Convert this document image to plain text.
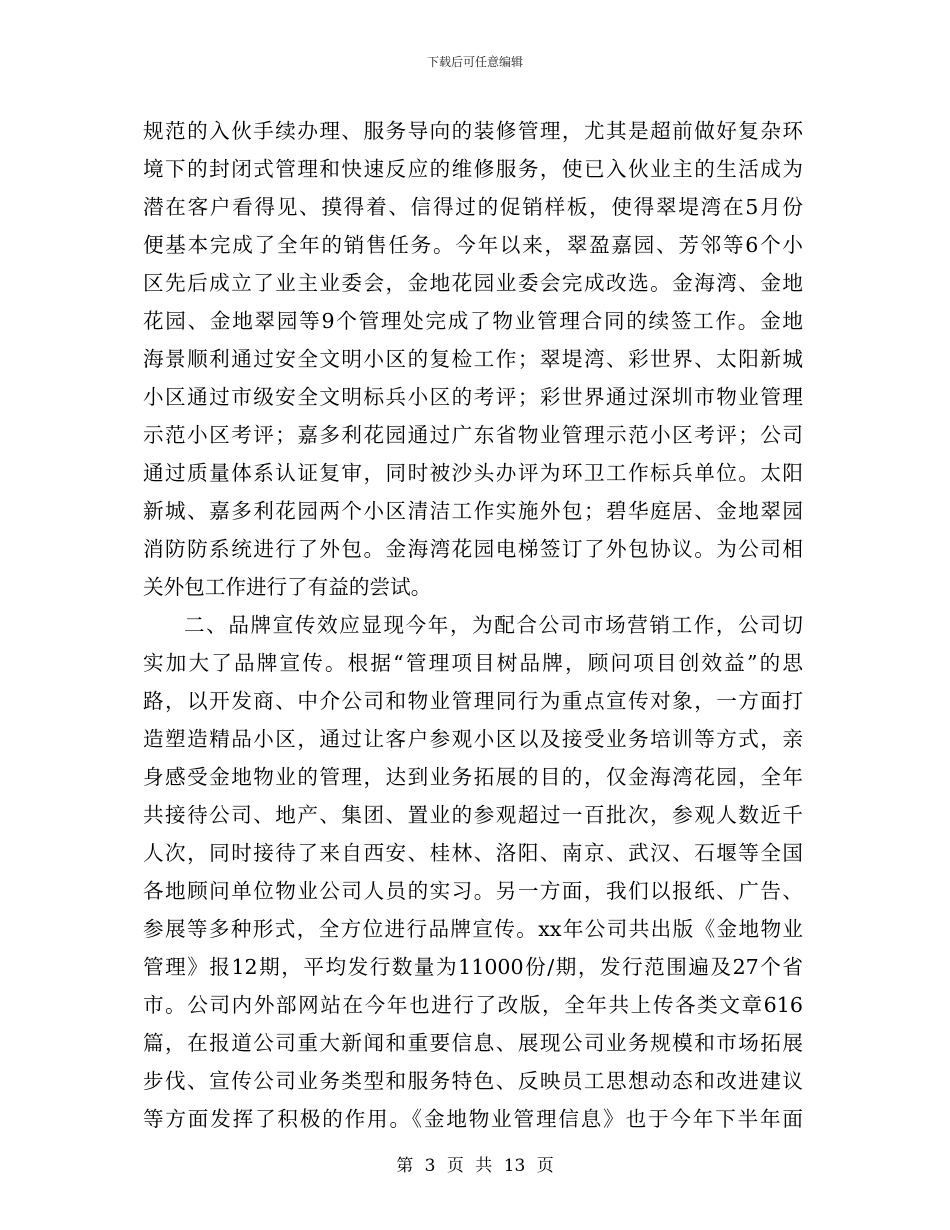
下载后可任意编辑
规范的入伙手续办理、服务导向的装修管理，尤其是超前做好复杂环
境下的封闭式管理和快速反应的维修服务，使已入伙业主的生活成为
潜在客户看得见、摸得着、信得过的促销样板，使得翠堤湾在5月份
便基本完成了全年的销售任务。今年以来，翠盈嘉园、芳邻等6个小
区先后成立了业主业委会，金地花园业委会完成改选。金海湾、金地
花园、金地翠园等9个管理处完成了物业管理合同的续签工作。金地
海景顺利通过安全文明小区的复检工作；翠堤湾、彩世界、太阳新城
小区通过市级安全文明标兵小区的考评；彩世界通过深圳市物业管理
示范小区考评；嘉多利花园通过广东省物业管理示范小区考评；公司
通过质量体系认证复审，同时被沙头办评为环卫工作标兵单位。太阳
新城、嘉多利花园两个小区清洁工作实施外包；碧华庭居、金地翠园
消防防系统进行了外包。金海湾花园电梯签订了外包协议。为公司相
关外包工作进行了有益的尝试。
二、品牌宣传效应显现今年，为配合公司市场营销工作，公司切
实加大了品牌宣传。根据“管理项目树品牌，顾问项目创效益”的思
路，以开发商、中介公司和物业管理同行为重点宣传对象，一方面打
造塑造精品小区，通过让客户参观小区以及接受业务培训等方式，亲
身感受金地物业的管理，达到业务拓展的目的，仅金海湾花园，全年
共接待公司、地产、集团、置业的参观超过一百批次，参观人数近千
人次，同时接待了来自西安、桂林、洛阳、南京、武汉、石堰等全国
各地顾问单位物业公司人员的实习。另一方面，我们以报纸、广告、
参展等多种形式，全方位进行品牌宣传。xx年公司共出版《金地物业
管理》报12期，平均发行数量为11000份/期，发行范围遍及27个省
市。公司内外部网站在今年也进行了改版，全年共上传各类文章616
篇，在报道公司重大新闻和重要信息、展现公司业务规模和市场拓展
步伐、宣传公司业务类型和服务特色、反映员工思想动态和改进建议
等方面发挥了积极的作用。《金地物业管理信息》也于今年下半年面
第 3 页 共 13 页
